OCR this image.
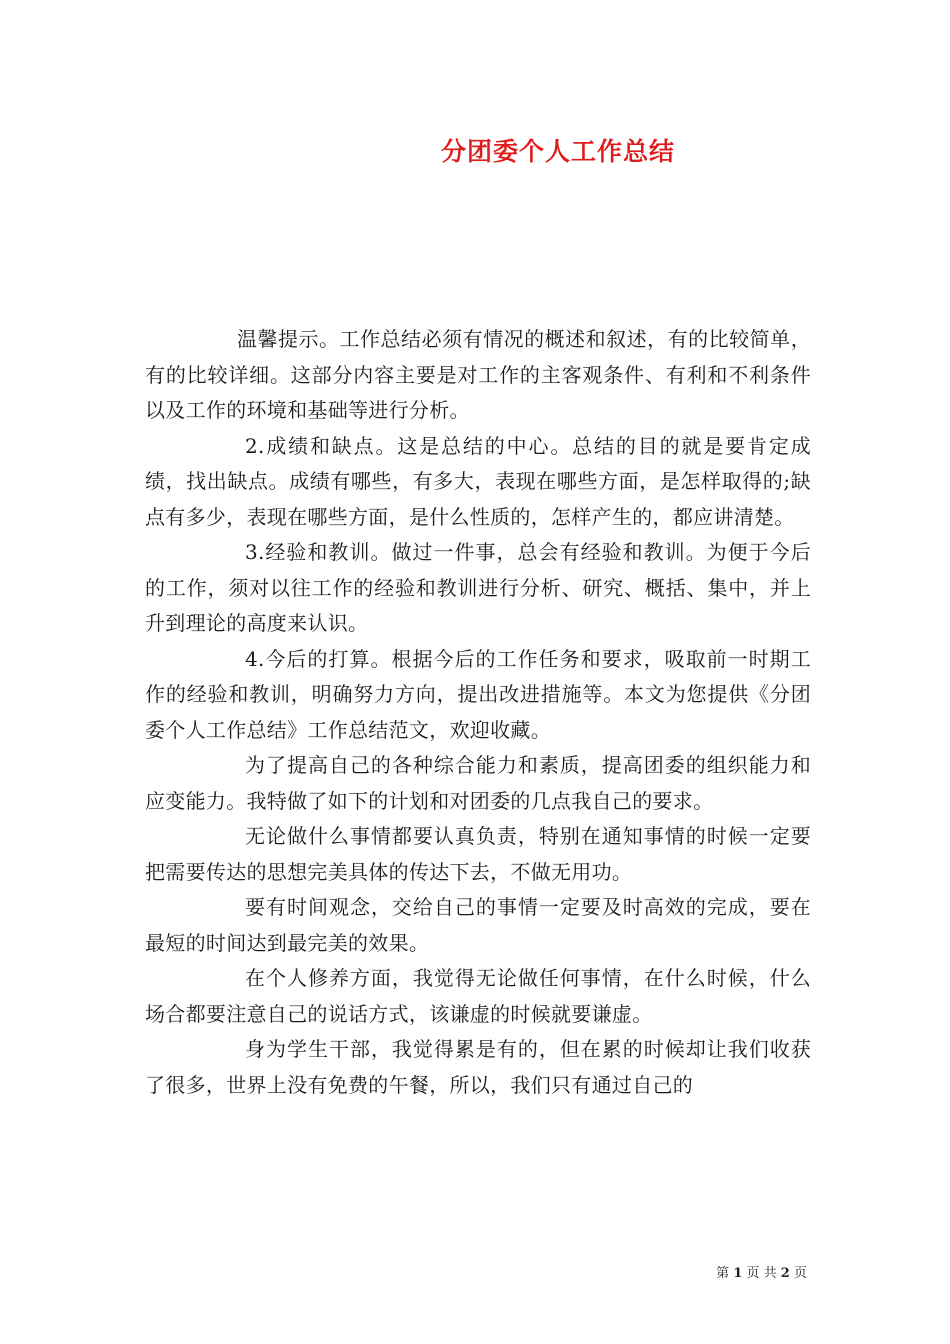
分团委个人工作总结

温馨提示。工作总结必须有情况的概述和叙述，有的比较简单，有的比较详细。这部分内容主要是对工作的主客观条件、有利和不利条件以及工作的环境和基础等进行分析。

2.成绩和缺点。这是总结的中心。总结的目的就是要肯定成绩，找出缺点。成绩有哪些，有多大，表现在哪些方面，是怎样取得的;缺点有多少，表现在哪些方面，是什么性质的，怎样产生的，都应讲清楚。

3.经验和教训。做过一件事，总会有经验和教训。为便于今后的工作，须对以往工作的经验和教训进行分析、研究、概括、集中，并上升到理论的高度来认识。

4.今后的打算。根据今后的工作任务和要求，吸取前一时期工作的经验和教训，明确努力方向，提出改进措施等。本文为您提供《分团委个人工作总结》工作总结范文，欢迎收藏。

为了提高自己的各种综合能力和素质，提高团委的组织能力和应变能力。我特做了如下的计划和对团委的几点我自己的要求。

无论做什么事情都要认真负责，特别在通知事情的时候一定要把需要传达的思想完美具体的传达下去，不做无用功。

要有时间观念，交给自己的事情一定要及时高效的完成，要在最短的时间达到最完美的效果。

在个人修养方面，我觉得无论做任何事情，在什么时候，什么场合都要注意自己的说话方式，该谦虚的时候就要谦虚。

身为学生干部，我觉得累是有的，但在累的时候却让我们收获了很多，世界上没有免费的午餐，所以，我们只有通过自己的

第 1 页 共 2 页
